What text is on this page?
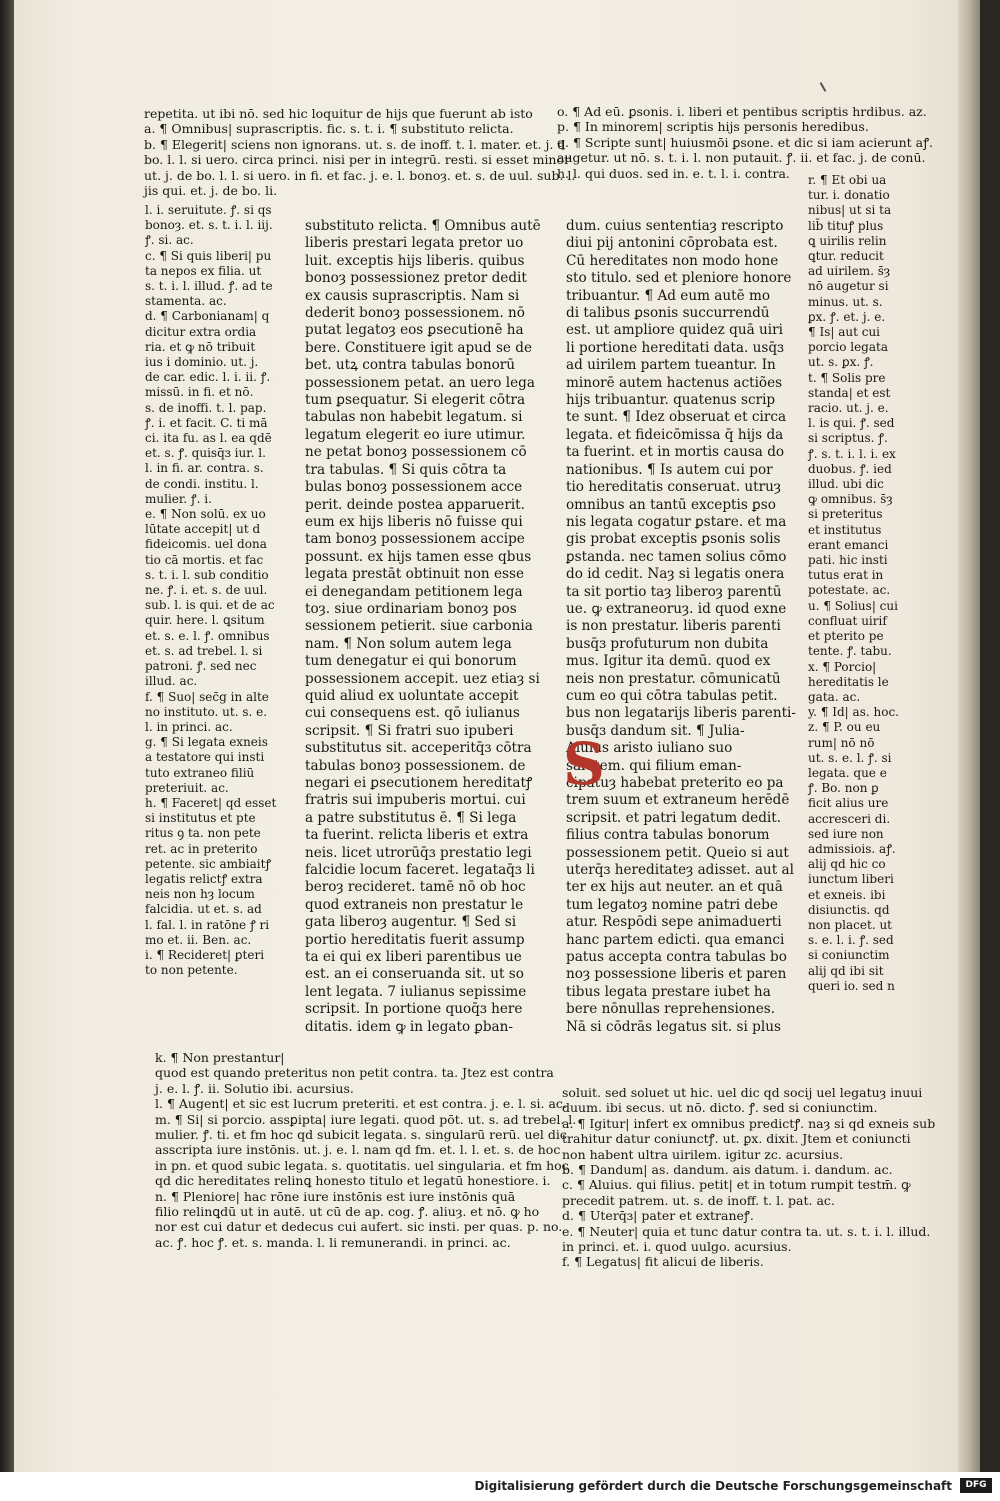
repetita. ut ibi nō. sed hic loquitur de hijs que fuerunt ab isto
a. ¶ Omnibus| suprascriptis. fic. s. t. i. ¶ substituto relicta.
b. ¶ Elegerit| sciens non ignorans. ut. s. de inoff. t. l. mater. et. j. d
bo. l. l. si uero. circa princi. nisi per in integrū. resti. si esset minor
ut. j. de bo. l. l. si uero. in fi. et fac. j. e. l. bonoȝ. et. s. de uul. sub. l.
jis qui. et. j. de bo. li.
o. ¶ Ad eū. ꝑsonis. i. liberi et pentibus scriptis hrdibus. az.
p. ¶ In minorem| scriptis hijs personis heredibus.
q. ¶ Scripte sunt| huiusmōi ꝑsone. et dic si iam acierunt aꝭ.
augetur. ut nō. s. t. i. l. non putauit. ꝭ. ii. et fac. j. de conū.
h. l. qui duos. sed in. e. t. l. i. contra.
l. i. seruitute. ꝭ. si qs
bonoȝ. et. s. t. i. l. iij.
ꝭ. si. ac.
c. ¶ Si quis liberi| pu
ta nepos ex filia. ut
s. t. i. l. illud. ꝭ. ad te
stamenta. ac.
d. ¶ Carbonianam| q
dicitur extra ordia
ria. et ꝙ nō tribuit
ius i dominio. ut. j.
de car. edic. l. i. ii. ꝭ.
missū. in fi. et nō.
s. de inoffi. t. l. pap.
ꝭ. i. et facit. C. ti mā
ci. ita fu. as l. ea qdē
et. s. ꝭ. quisq̄ɜ iur. l.
l. in fi. ar. contra. s.
de condi. institu. l.
mulier. ꝭ. i.
e. ¶ Non solū. ex uo
lūtate accepit| ut d
fideicomis. uel dona
tio cā mortis. et fac
s. t. i. l. sub conditio
ne. ꝭ. i. et. s. de uul.
sub. l. is qui. et de ac
quir. here. l. ꝗsitum
et. s. e. l. ꝭ. omnibus
et. s. ad trebel. l. si
patroni. ꝭ. sed nec
illud. ac.
f. ¶ Suo| sec̄g in alte
no instituto. ut. s. e.
l. in princi. ac.
g. ¶ Si legata exneis
a testatore qui insti
tuto extraneo filiū
preteriuit. ac.
h. ¶ Faceret| qd esset
si institutus et pte
ritus ꝯ ta. non pete
ret. ac in preterito
petente. sic ambiaitꝭ
legatis relictꝭ extra
neis non hȝ locum
falcidia. ut et. s. ad
l. fal. l. in ratōne ꝭ ri
mo et. ii. Ben. ac.
i. ¶ Recideret| ꝑteri
to non petente.
substituto relicta. ¶ Omnibus autē
liberis prestari legata pretor uo
luit. exceptis hijs liberis. quibus
bonoȝ possessionez pretor dedit
ex causis suprascriptis. Nam si
dederit bonoȝ possessionem. nō
putat legatoȝ eos ꝑsecutionē ha
bere. Constituere igit apud se de
bet. utꝝ contra tabulas bonorū
possessionem petat. an uero lega
tum ꝑsequatur. Si elegerit cōtra
tabulas non habebit legatum. si
legatum elegerit eo iure utimur.
ne petat bonoȝ possessionem cō
tra tabulas. ¶ Si quis cōtra ta
bulas bonoȝ possessionem acce
perit. deinde postea apparuerit.
eum ex hijs liberis nō fuisse qui
tam bonoȝ possessionem accipe
possunt. ex hijs tamen esse qbus
legata prestāt obtinuit non esse
ei denegandam petitionem lega
toȝ. siue ordinariam bonoȝ pos
sessionem petierit. siue carbonia
nam. ¶ Non solum autem lega
tum denegatur ei qui bonorum
possessionem accepit. uez etiaȝ si
quid aliud ex uoluntate accepit
cui consequens est. qō iulianus
scripsit. ¶ Si fratri suo ipuberi
substitutus sit. acceperitq̄ɜ cōtra
tabulas bonoȝ possessionem. de
negari ei ꝑsecutionem hereditatꝭ
fratris sui impuberis mortui. cui
a patre substitutus ē. ¶ Si lega
ta fuerint. relicta liberis et extra
neis. licet utrorūq̄ɜ prestatio legi
falcidie locum faceret. legataq̄ɜ li
beroȝ recideret. tamē nō ob hoc
quod extraneis non prestatur le
gata liberoȝ augentur. ¶ Sed si
portio hereditatis fuerit assump
ta ei qui ex liberi parentibus ue
est. an ei conseruanda sit. ut so
lent legata. 7 iulianus sepissime
scripsit. In portione quoq̄ɜ here
ditatis. idem ꝙ in legato ꝑban-
dum. cuius sententiaȝ rescripto
diui pij antonini cōprobata est.
Cū hereditates non modo hone
sto titulo. sed et pleniore honore
tribuantur. ¶ Ad eum autē mo
di talibus ꝑsonis succurrendū
est. ut ampliore quidez quā uiri
li portione hereditati data. usq̄ɜ
ad uirilem partem tueantur. In
minorē autem hactenus actiões
hijs tribuantur. quatenus scrip
te sunt. ¶ Idez obseruat et circa
legata. et fideicōmissa q̄ hijs da
ta fuerint. et in mortis causa do
nationibus. ¶ Is autem cui por
tio hereditatis conseruat. utruȝ
omnibus an tantū exceptis ꝑso
nis legata cogatur ꝑstare. et ma
gis probat exceptis ꝑsonis solis
ꝑstanda. nec tamen solius cōmo
do id cedit. Naȝ si legatis onera
ta sit portio taȝ liberoȝ parentū
ue. ꝙ extraneoruȝ. id quod exne
is non prestatur. liberis parenti
busq̄ɜ profuturum non dubita
mus. Igitur ita demū. quod ex
neis non prestatur. cōmunicatū
cum eo qui cōtra tabulas petit.
bus non legatarijs liberis parenti-
busq̄ɜ dandum sit. ¶ Julia-
Aluius aristo iuliano suo
salutem. qui filium eman-
cipatuȝ habebat preterito eo pa
trem suum et extraneum herēdē
scripsit. et patri legatum dedit.
filius contra tabulas bonorum
possessionem petit. Queio si aut
uterq̄ɜ hereditateȝ adisset. aut al
ter ex hijs aut neuter. an et quā
tum legatoȝ nomine patri debe
atur. Respōdi sepe animaduerti
hanc partem edicti. qua emanci
patus accepta contra tabulas bo
noȝ possessione liberis et paren
tibus legata prestare iubet ha
bere nōnullas reprehensiones.
Nā si cōdrās legatus sit. si plus
r. ¶ Et obi ua
tur. i. donatio
nibus| ut si ta
lib̄ tituꝭ plus
ꝗ uirilis relin
ꝗtur. reducit
ad uirilem. s̄ȝ
nō augetur si
minus. ut. s.
ꝑx. ꝭ. et. j. e.
¶ Is| aut cui
porcio legata
ut. s. ꝑx. ꝭ.
t. ¶ Solis pre
standa| et est
racio. ut. j. e.
l. is qui. ꝭ. sed
si scriptus. ꝭ.
ꝭ. s. t. i. l. i. ex
duobus. ꝭ. ied
illud. ubi dic
ꝙ omnibus. s̄ȝ
si preteritus
et institutus
erant emanci
pati. hic insti
tutus erat in
potestate. ac.
u. ¶ Solius| cui
confluat uirif
et pterito pe
tente. ꝭ. tabu.
x. ¶ Porcio|
hereditatis le
gata. ac.
y. ¶ Id| as. hoc.
z. ¶ P. ou eu
rum| nō nō
ut. s. e. l. ꝭ. si
legata. que e
ꝭ. Bo. non ꝑ
ficit alius ure
accresceri di.
sed iure non
admissiois. aꝭ.
alij qd hic co
iunctum liberi
et exneis. ibi
disiunctis. qd
non placet. ut
s. e. l. i. ꝭ. sed
si coniunctim
alij qd ibi sit
queri io. sed n
S
k. ¶ Non prestantur|
quod est quando preteritus non petit contra. ta. Jtez est contra
j. e. l. ꝭ. ii. Solutio ibi. acursius.
l. ¶ Augent| et sic est lucrum preteriti. et est contra. j. e. l. si. ac.
m. ¶ Si| si porcio. assꝑipta| iure legati. quod pōt. ut. s. ad trebel. l.
mulier. ꝭ. ti. et fm hoc qd subicit legata. s. singularū rerū. uel dic
asscripta iure instōnis. ut. j. e. l. nam qd fm. et. l. l. et. s. de hoc
in pn. et quod subic legata. s. quotitatis. uel singularia. et fm hoc
qd dic hereditates relinꝗ honesto titulo et legatū honestiore. i.
n. ¶ Pleniore| hac rōne iure instōnis est iure instōnis quā
filio relinꝗdū ut in autē. ut cū de ap. cog. ꝭ. aliuȝ. et nō. ꝙ ho
nor est cui datur et dedecus cui aufert. sic insti. per quas. p. no.
ac. ꝭ. hoc ꝭ. et. s. manda. l. li remunerandi. in princi. ac.
soluit. sed soluet ut hic. uel dic qd socij uel legatuȝ inuui
duum. ibi secus. ut nō. dicto. ꝭ. sed si coniunctim.
a. ¶ Igitur| infert ex omnibus predictꝭ. naȝ si qd exneis sub
trahitur datur coniunctꝭ. ut. ꝑx. dixit. Jtem et coniuncti
non habent ultra uirilem. igitur zc. acursius.
b. ¶ Dandum| as. dandum. ais datum. i. dandum. ac.
c. ¶ Aluius. qui filius. petit| et in totum rumpit testm̄. ꝙ
precedit patrem. ut. s. de inoff. t. l. pat. ac.
d. ¶ Uterq̄ɜ| pater et extraneꝭ.
e. ¶ Neuter| quia et tunc datur contra ta. ut. s. t. i. l. illud.
in princi. et. i. quod uulgo. acursius.
f. ¶ Legatus| fit alicui de liberis.
Digitalisierung gefördert durch die Deutsche Forschungsgemeinschaft	DFG
